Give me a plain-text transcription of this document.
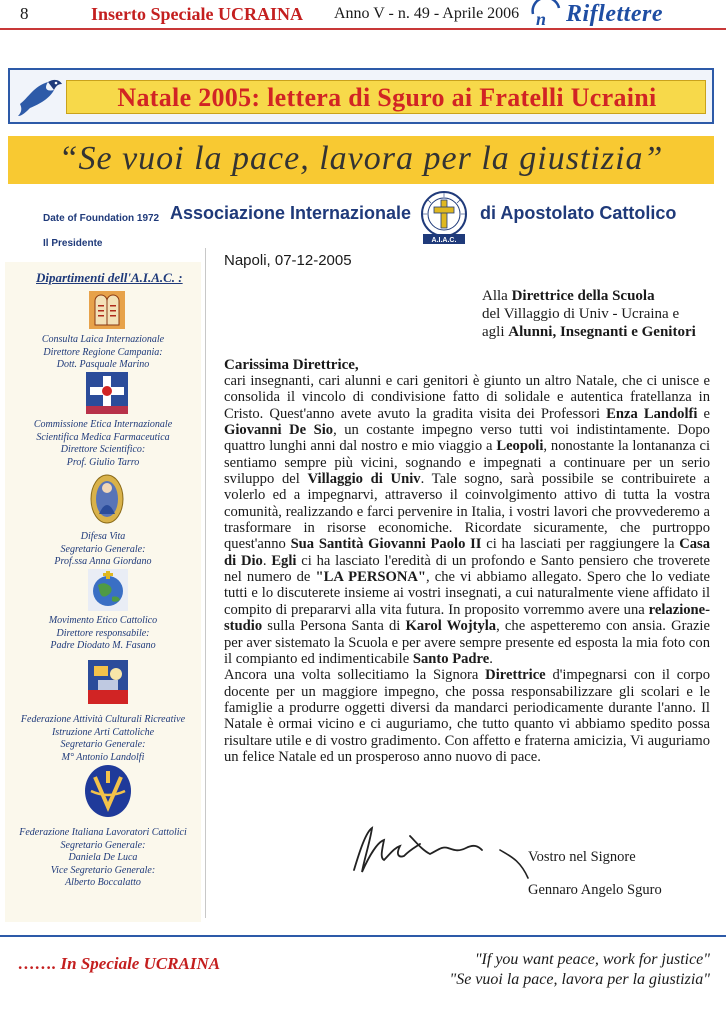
8	Inserto Speciale UCRAINA Anno V - n. 49 - Aprile 2006 n Riflettere
Natale 2005: lettera di Sguro ai Fratelli Ucraini
“Se vuoi la pace, lavora per la giustizia”
Date of Foundation 1972 Associazione Internazionale
A.I.A.C.
di Apostolato Cattolico
Il Presidente
Dipartimenti dell'A.I.A.C. :
Consulta Laica Internazionale
Direttore Regione Campania:
Dott. Pasquale Marino
Commissione Etica Internazionale
Scientifica Medica Farmaceutica
Direttore Scientifico:
Prof. Giulio Tarro
Difesa Vita
Segretario Generale:
Prof.ssa Anna Giordano
Movimento Etico Cattolico
Direttore responsabile:
Padre Diodato M. Fasano
Federazione Attività Culturali Ricreative
Istruzione Arti Cattoliche
Segretario Generale:
M° Antonio Landolfi
Federazione Italiana Lavoratori Cattolici
Segretario Generale:
Daniela De Luca
Vice Segretario Generale:
Alberto Boccalatto
Napoli, 07-12-2005
Alla Direttrice della Scuola
del Villaggio di Univ - Ucraina e
agli Alunni, Insegnanti e Genitori
Carissima Direttrice,

cari insegnanti, cari alunni e cari genitori è giunto un altro Natale, che ci unisce e consolida il vincolo di condivisione fatto di solidale e autentica fratellanza in Cristo. Quest'anno avete avuto la gradita visita dei Professori Enza Landolfi e Giovanni De Sio, un costante impegno verso tutti voi indistintamente. Dopo quattro lunghi anni dal nostro e mio viaggio a Leopoli, nonostante la lontananza ci sentiamo sempre più vicini, sognando e impegnati a continuare per un serio sviluppo del Villaggio di Univ. Tale sogno, sarà possibile se contribuirete a volerlo ed a impegnarvi, attraverso il coinvolgimento attivo di tutta la vostra comunità, realizzando e farci pervenire in Italia, i vostri lavori che provvederemo a trasformare in risorse economiche. Ricordate sicuramente, che purtroppo quest'anno Sua Santità Giovanni Paolo II ci ha lasciati per raggiungere la Casa di Dio. Egli ci ha lasciato l'eredità di un profondo e Santo pensiero che troverete nel numero de "LA PERSONA", che vi abbiamo allegato. Spero che lo vediate tutti e lo discuterete insieme ai vostri insegnati, a cui naturalmente viene affidato il compito di prepararvi alla vita futura. In proposito vorremmo avere una relazione-studio sulla Persona Santa di Karol Wojtyla, che aspetteremo con ansia. Grazie per aver sistemato la Scuola e per avere sempre presente ed esposta la mia foto con il compianto ed indimenticabile Santo Padre.

Ancora una volta sollecitiamo la Signora Direttrice d'impegnarsi con il corpo docente per un maggiore impegno, che possa responsabilizzare gli scolari e le famiglie a produrre oggetti diversi da mandarci periodicamente durante l'anno. Il Natale è ormai vicino e ci auguriamo, che tutto quanto vi abbiamo spedito possa risultare utile e di vostro gradimento. Con affetto e fraterna amicizia, Vi auguriamo un felice Natale ed un prosperoso anno nuovo di pace.

Vostro nel Signore
Gennaro Angelo Sguro
……. In Speciale UCRAINA	"If you want peace, work for justice"
"Se vuoi la pace, lavora per la giustizia"
